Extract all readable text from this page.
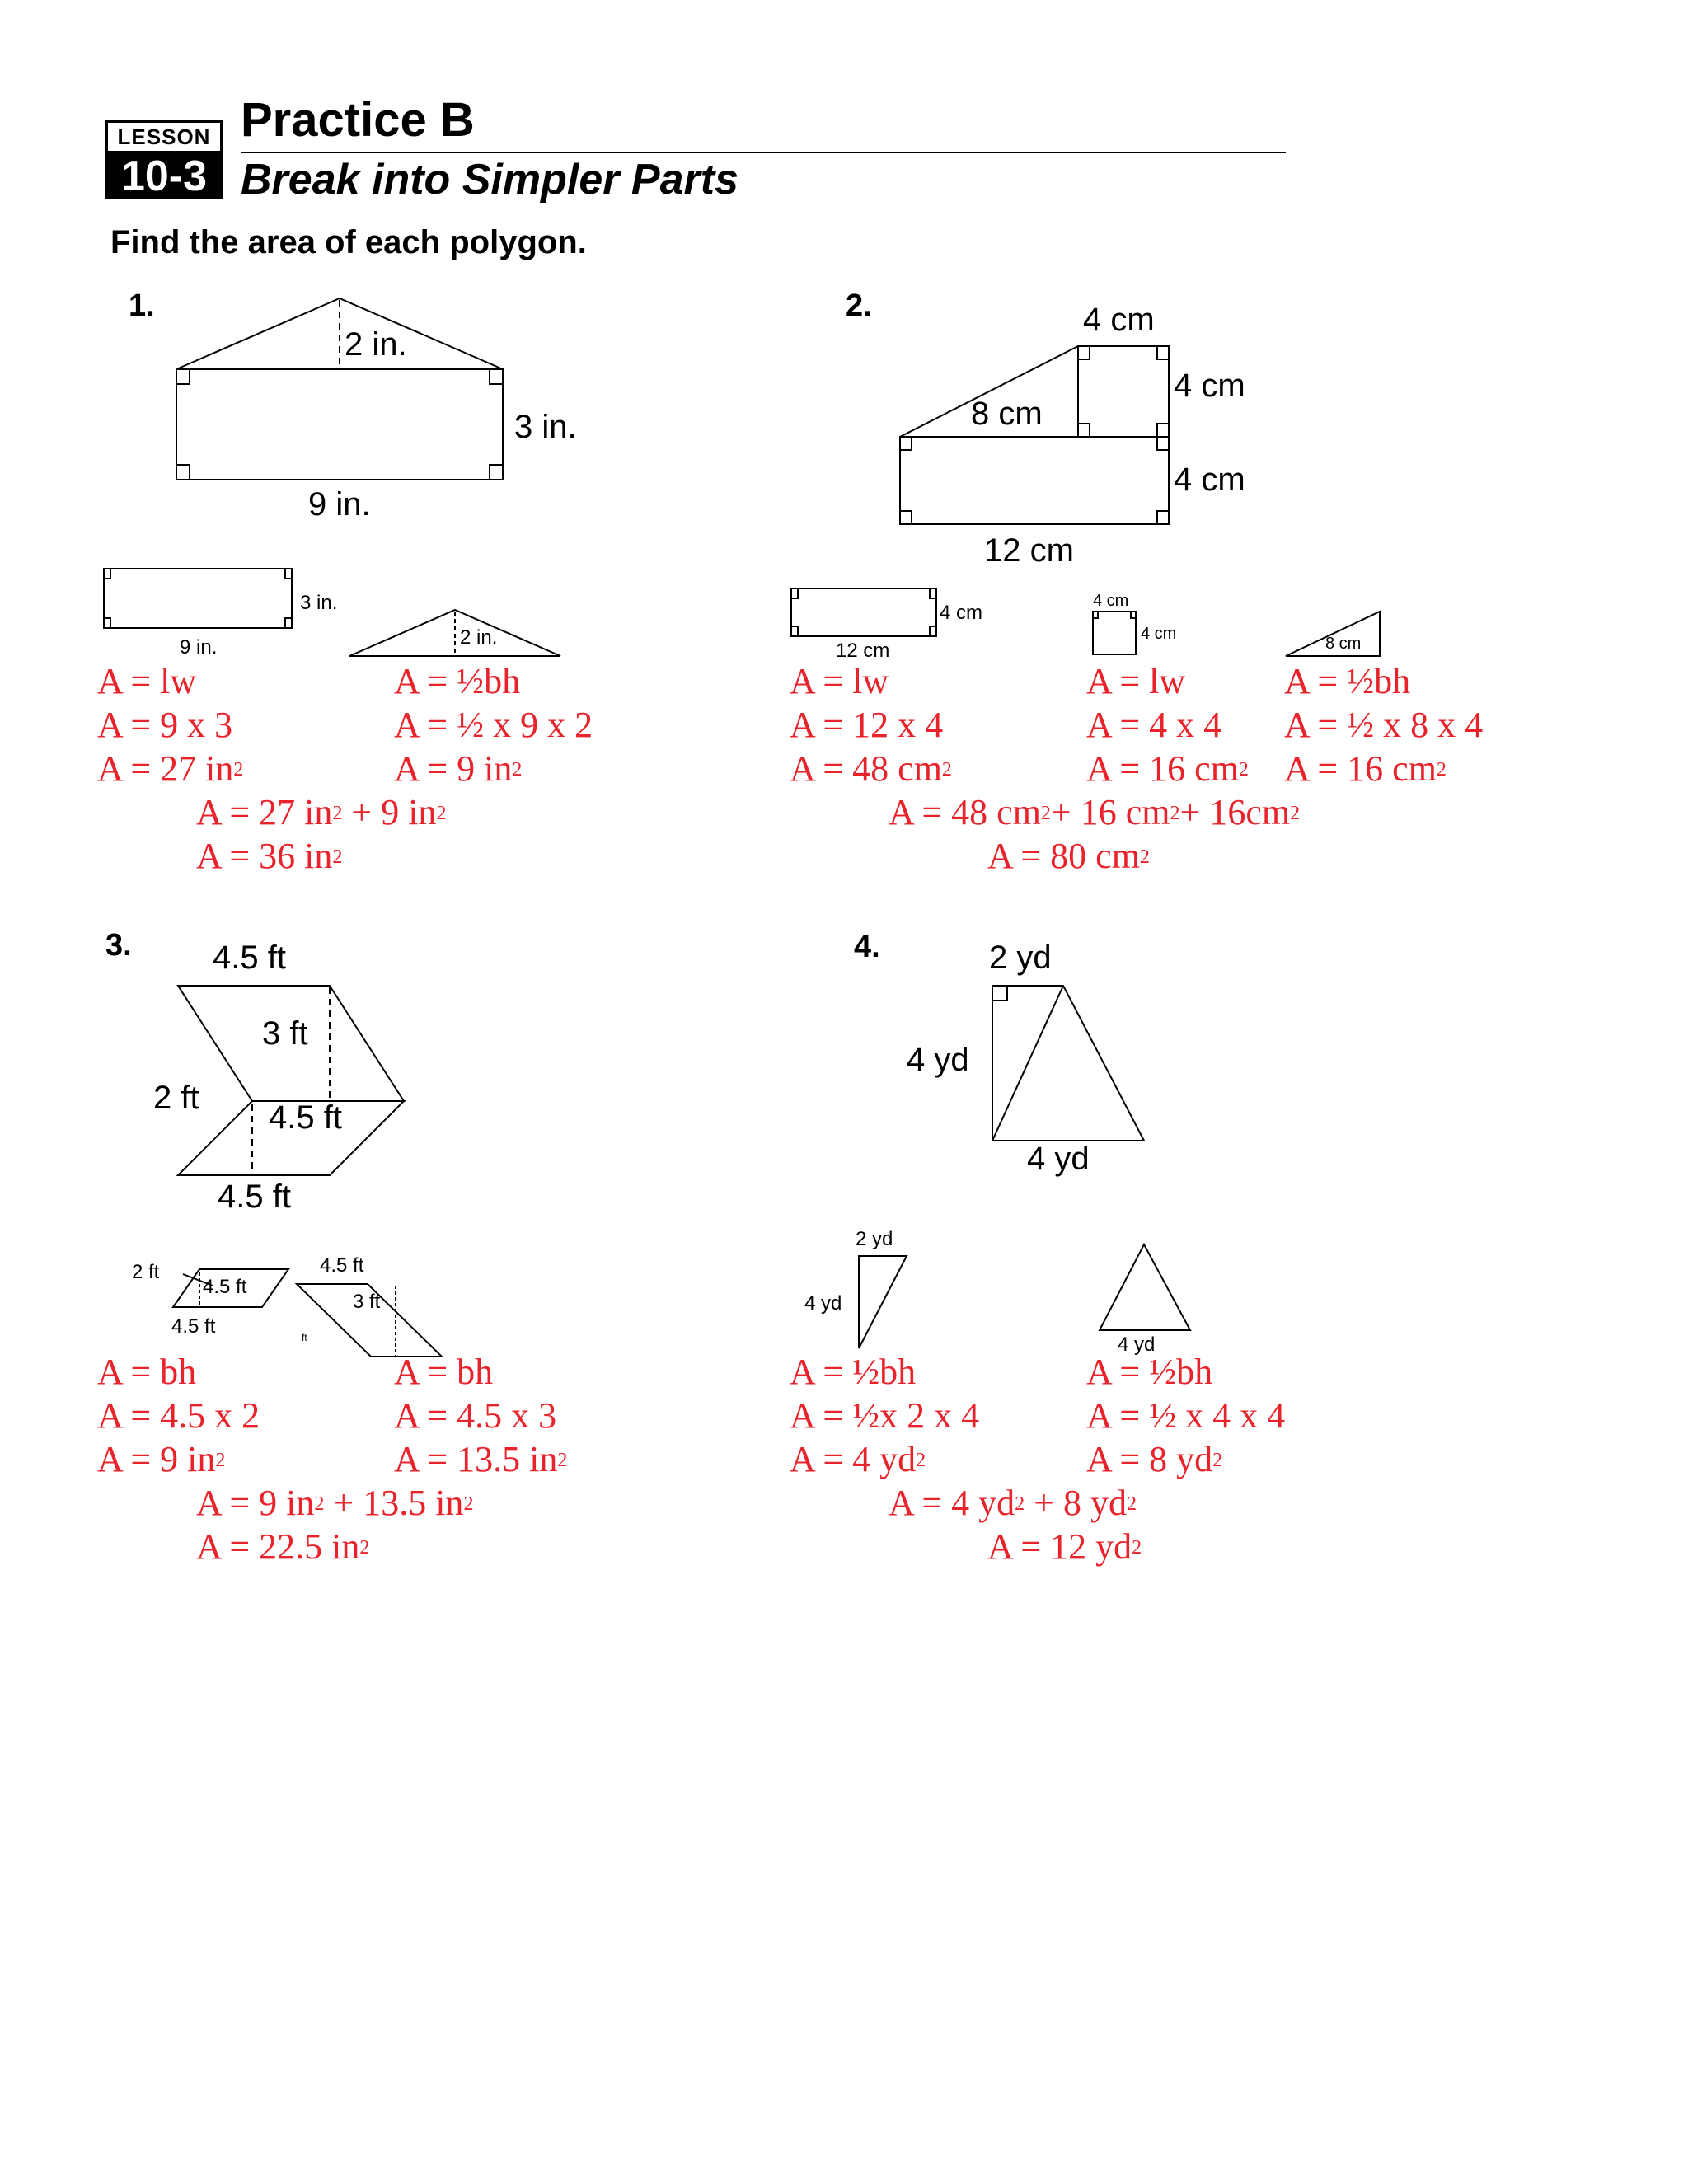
LESSON
10-3
Practice B
Break into Simpler Parts
Find the area of each polygon.
1.
2 in.
3 in.
9 in.
3 in.
9 in.	2 in.
A = lw
A = 9 x 3
A = 27 $in^2$
A = ½bh
A = ½ x 9 x 2
A = 9 $in^2$
A = 27 $in^2 + 9$ $in^2$
A = 36 $in^2$
2.	4 cm
4 cm
8 cm
4 cm
12 cm
4 cm
12 cm
4 cm
4 cm
8 cm
A = lw
A = 12 x 4
A = 48 $cm^2$
A = lw
A = 4 x 4
A = 16 $cm^2$
A = ½bh
A = ½ x 8 x 4
A = 16 $cm^2$
A = 48 $cm^2+ 16$ $cm^2+ 16cm^2$
A = 80 $cm^2$
3. 4.5 ft
3 ft
2 ft
4.5 ft
4.5 ft
2 ft
4.5 ft
4.5 ft
4.5 ft
3 ft
ft
A = bh
A = 4.5 x 2
A = 9 $in^2$
A = bh
A = 4.5 x 3
A = 13.5 $in^2$
A = 9 $in^2 + 13.5$ $in^2$
A = 22.5 $in^2$
4.	2 yd
4 yd
4 yd
2 yd
4 yd
4 yd
A = ½bh
A = ½x 2 x 4
A = 4 $yd^2$
A = ½bh
A = ½ x 4 x 4
A = 8 $yd^2$
A = 4 $yd^2 + 8$ $yd^2$
A = 12 $yd^2$
